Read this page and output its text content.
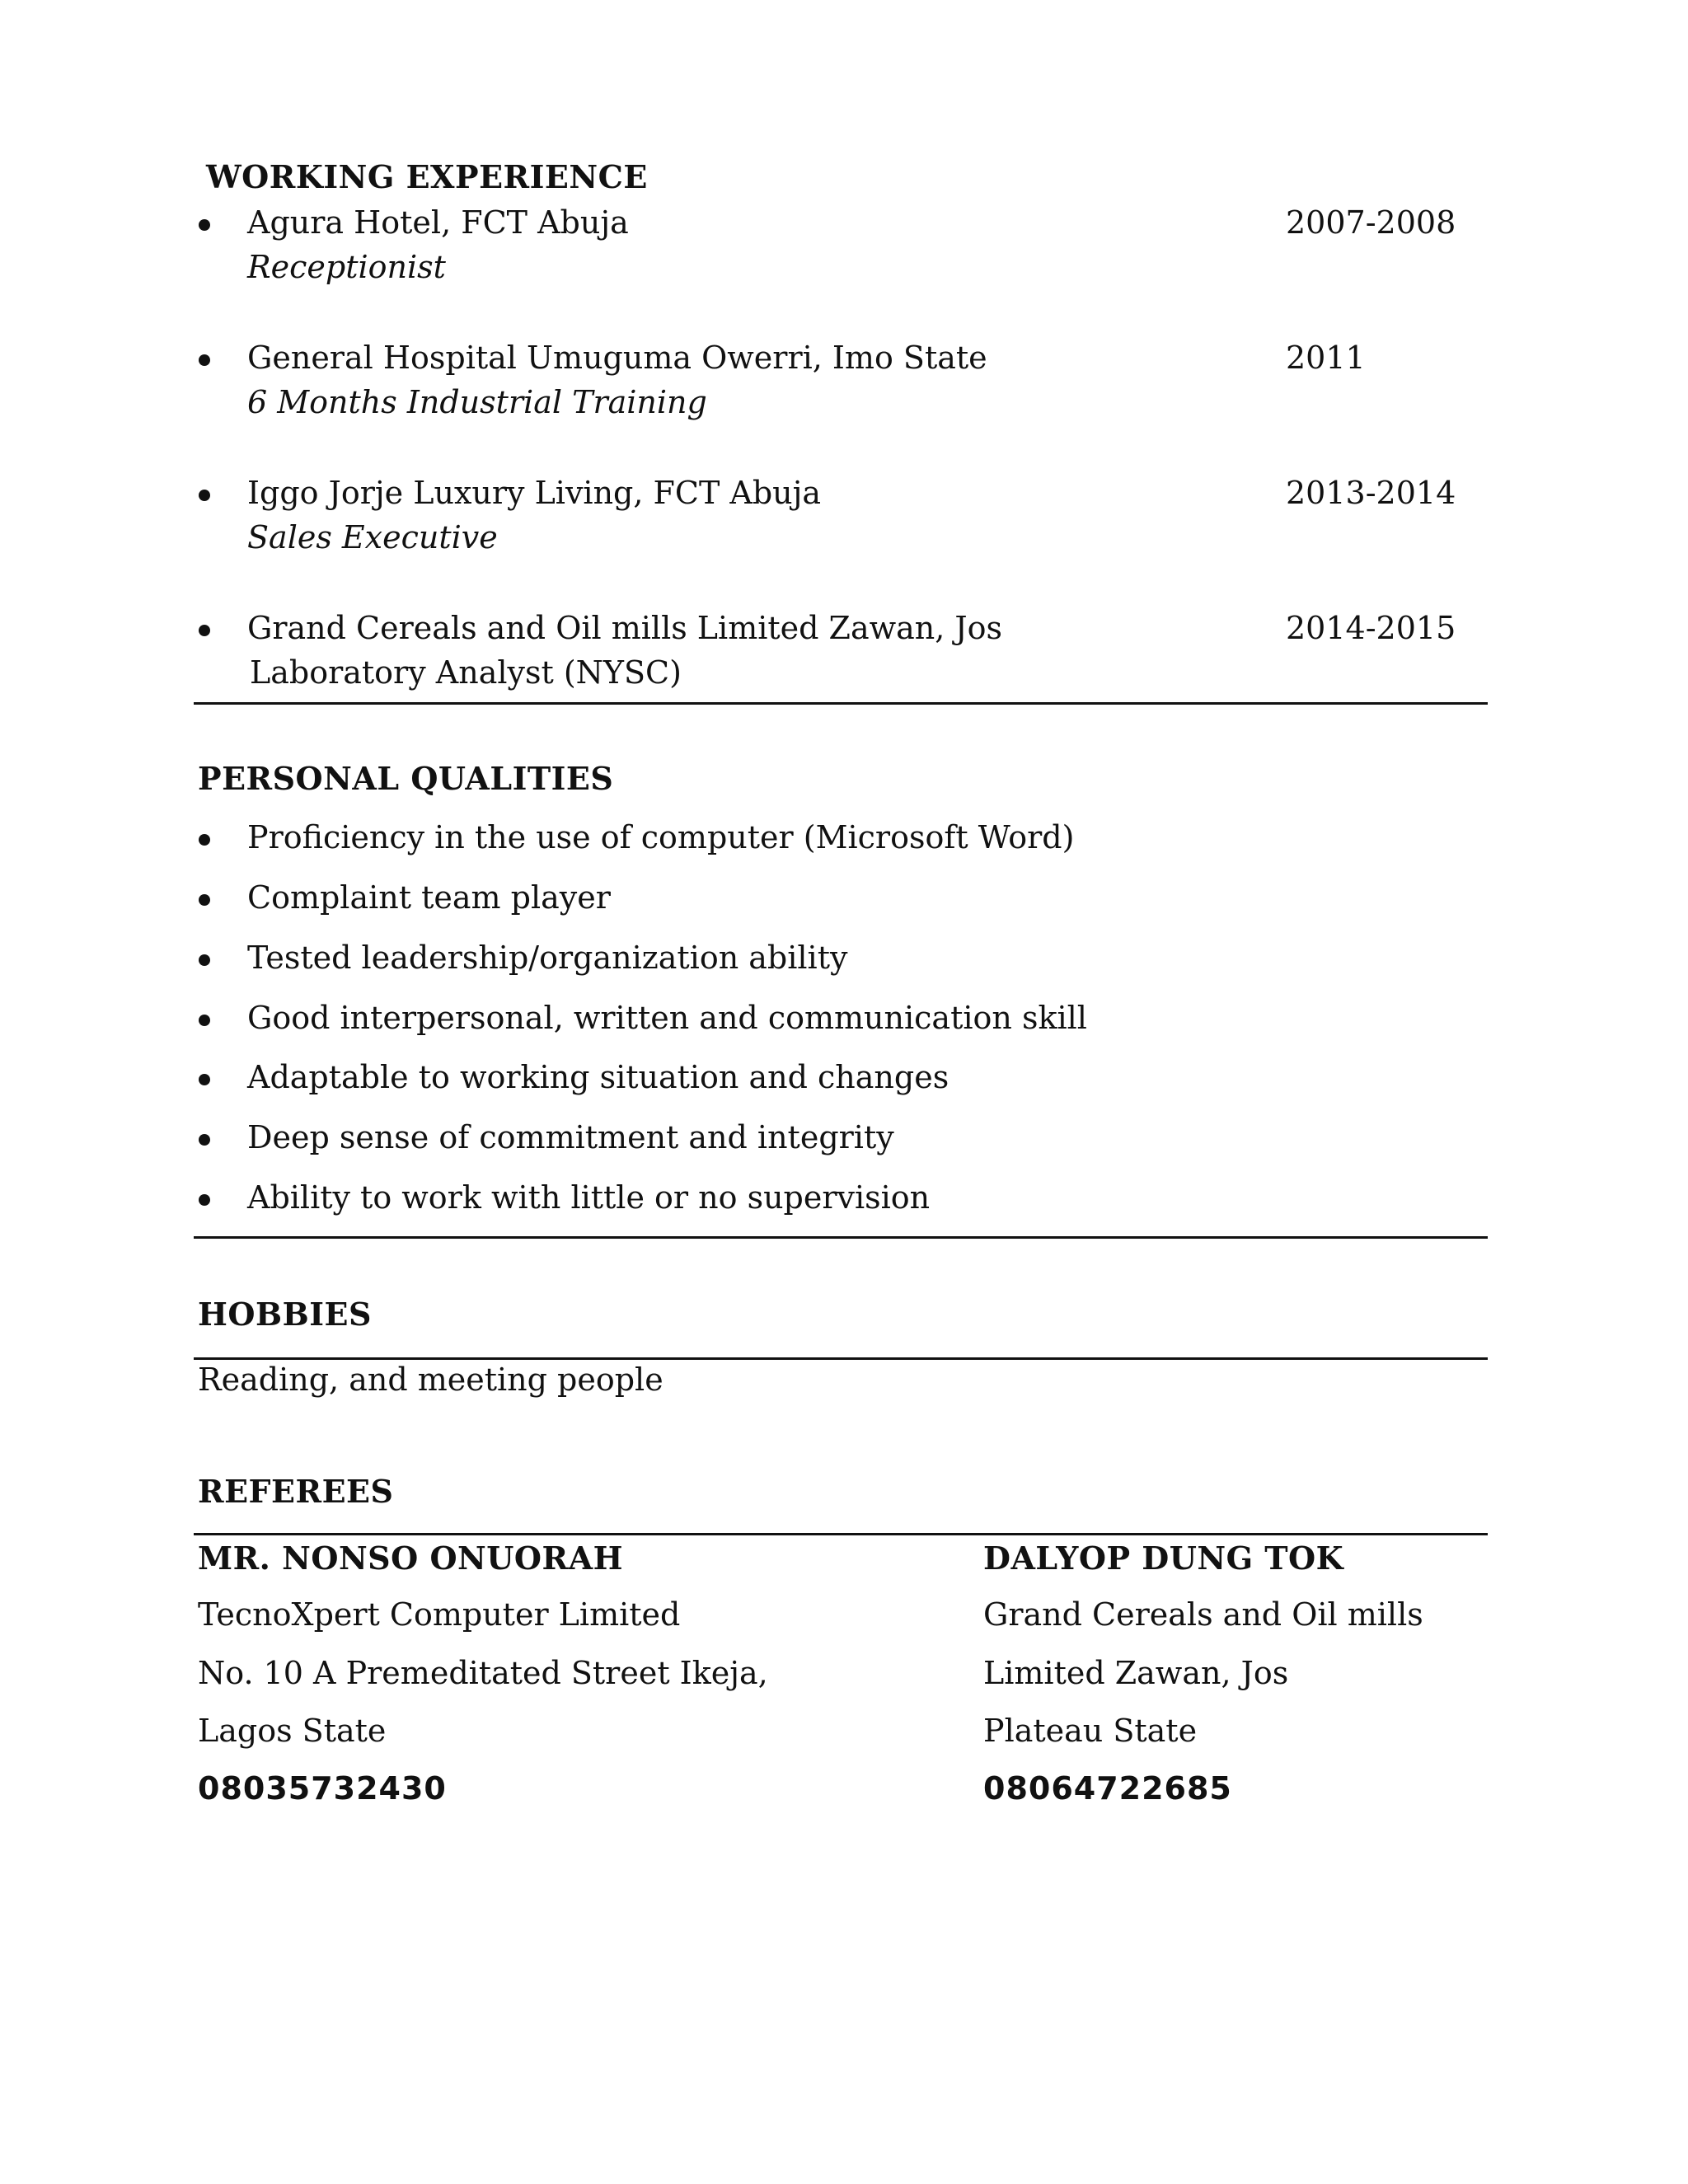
WORKING EXPERIENCE
Agura Hotel, FCT Abuja	2007-2008
Receptionist
General Hospital Umuguma Owerri, Imo State	2011
6 Months Industrial Training
Iggo Jorje Luxury Living, FCT Abuja	2013-2014
Sales Executive
Grand Cereals and Oil mills Limited Zawan, Jos	2014-2015
Laboratory Analyst (NYSC)
PERSONAL QUALITIES
Proficiency in the use of computer (Microsoft Word)
Complaint team player
Tested leadership/organization ability
Good interpersonal, written and communication skill
Adaptable to working situation and changes
Deep sense of commitment and integrity
Ability to work with little or no supervision
HOBBIES
Reading, and meeting people
REFEREES
MR. NONSO ONUORAH
TecnoXpert Computer Limited
No. 10 A Premeditated Street Ikeja,
Lagos State
08035732430
DALYOP DUNG TOK
Grand Cereals and Oil mills
Limited Zawan, Jos
Plateau State
08064722685
